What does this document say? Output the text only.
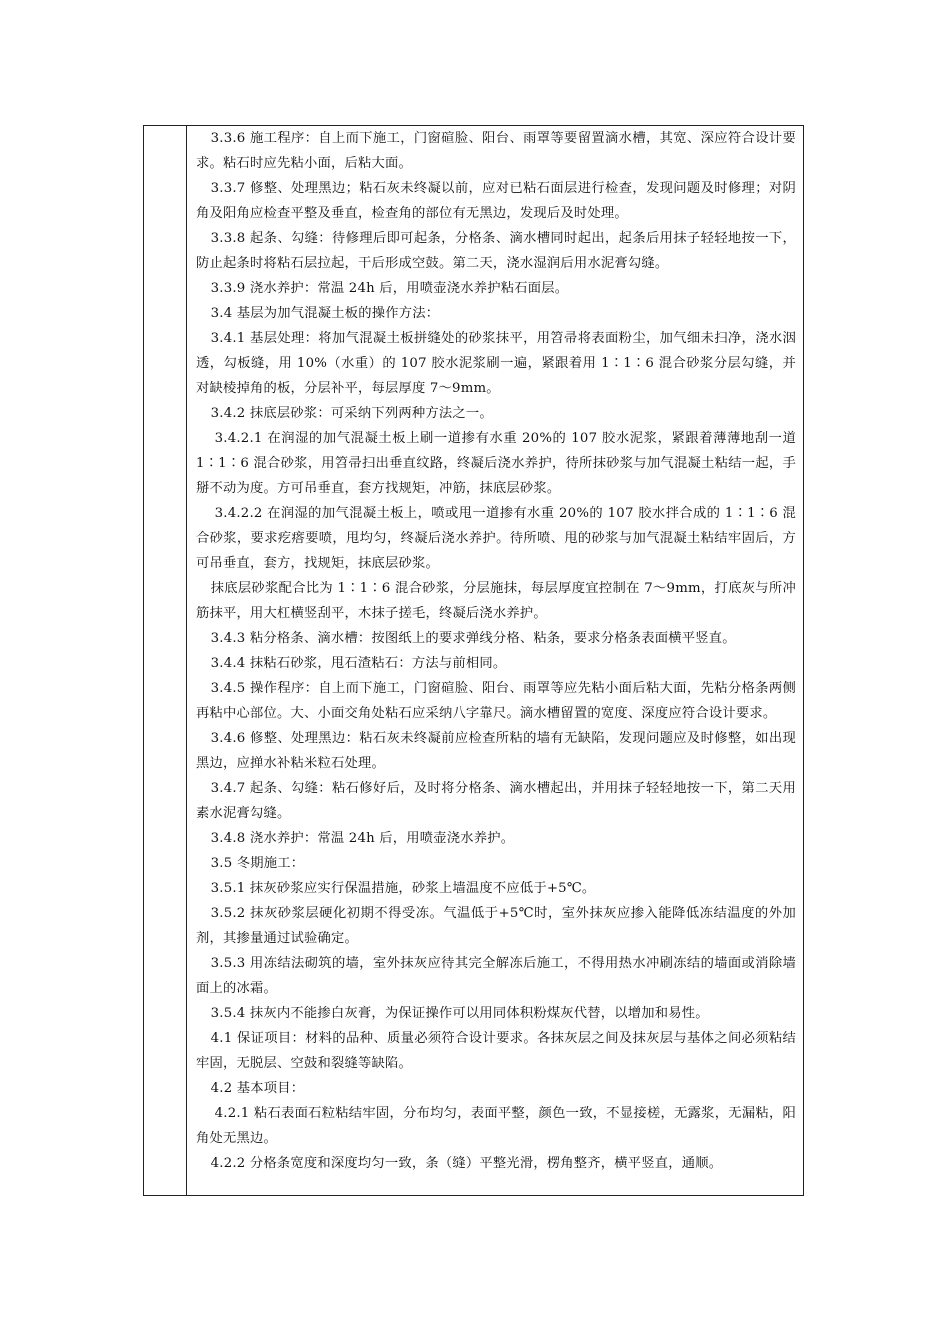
3.3.6 施工程序：自上而下施工，门窗碹脸、阳台、雨罩等要留置滴水槽，其宽、深应符合设计要求。粘石时应先粘小面，后粘大面。

3.3.7 修整、处理黑边；粘石灰未终凝以前，应对已粘石面层进行检查，发现问题及时修理；对阴角及阳角应检查平整及垂直，检查角的部位有无黑边，发现后及时处理。

3.3.8 起条、勾缝：待修理后即可起条，分格条、滴水槽同时起出，起条后用抹子轻轻地按一下，防止起条时将粘石层拉起，干后形成空鼓。第二天，浇水湿润后用水泥膏勾缝。

3.3.9 浇水养护：常温 24h 后，用喷壶浇水养护粘石面层。

3.4 基层为加气混凝土板的操作方法：

3.4.1 基层处理：将加气混凝土板拼缝处的砂浆抹平，用笤帚将表面粉尘，加气细未扫净，浇水洇透，勾板缝，用 10%（水重）的 107 胶水泥浆刷一遍，紧跟着用 1∶1∶6 混合砂浆分层勾缝，并对缺棱掉角的板，分层补平，每层厚度 7～9mm。

3.4.2 抹底层砂浆：可采纳下列两种方法之一。

3.4.2.1 在润湿的加气混凝土板上刷一道掺有水重 20%的 107 胶水泥浆，紧跟着薄薄地刮一道 1∶1∶6 混合砂浆，用笤帚扫出垂直纹路，终凝后浇水养护，待所抹砂浆与加气混凝土粘结一起，手掰不动为度。方可吊垂直，套方找规矩，冲筋，抹底层砂浆。

3.4.2.2 在润湿的加气混凝土板上，喷或甩一道掺有水重 20%的 107 胶水拌合成的 1∶1∶6 混合砂浆，要求疙瘩要喷，甩均匀，终凝后浇水养护。待所喷、甩的砂浆与加气混凝土粘结牢固后，方可吊垂直，套方，找规矩，抹底层砂浆。

抹底层砂浆配合比为 1∶1∶6 混合砂浆，分层施抹，每层厚度宜控制在 7～9mm，打底灰与所冲筋抹平，用大杠横竖刮平，木抹子搓毛，终凝后浇水养护。

3.4.3 粘分格条、滴水槽：按图纸上的要求弹线分格、粘条，要求分格条表面横平竖直。

3.4.4 抹粘石砂浆，甩石渣粘石：方法与前相同。

3.4.5 操作程序：自上而下施工，门窗碹脸、阳台、雨罩等应先粘小面后粘大面，先粘分格条两侧再粘中心部位。大、小面交角处粘石应采纳八字靠尺。滴水槽留置的宽度、深度应符合设计要求。

3.4.6 修整、处理黑边：粘石灰未终凝前应检查所粘的墙有无缺陷，发现问题应及时修整，如出现黑边，应掸水补粘米粒石处理。

3.4.7 起条、勾缝：粘石修好后，及时将分格条、滴水槽起出，并用抹子轻轻地按一下，第二天用素水泥膏勾缝。

3.4.8 浇水养护：常温 24h 后，用喷壶浇水养护。

3.5 冬期施工：

3.5.1 抹灰砂浆应实行保温措施，砂浆上墙温度不应低于+5℃。

3.5.2 抹灰砂浆层硬化初期不得受冻。气温低于+5℃时，室外抹灰应掺入能降低冻结温度的外加剂，其掺量通过试验确定。

3.5.3 用冻结法砌筑的墙，室外抹灰应待其完全解冻后施工，不得用热水冲刷冻结的墙面或消除墙面上的冰霜。

3.5.4 抹灰内不能掺白灰膏，为保证操作可以用同体积粉煤灰代替，以增加和易性。

4.1 保证项目：材料的品种、质量必须符合设计要求。各抹灰层之间及抹灰层与基体之间必须粘结牢固，无脱层、空鼓和裂缝等缺陷。

4.2 基本项目：

4.2.1 粘石表面石粒粘结牢固，分布均匀，表面平整，颜色一致，不显接槎，无露浆，无漏粘，阳角处无黑边。

4.2.2 分格条宽度和深度均匀一致，条（缝）平整光滑，楞角整齐，横平竖直，通顺。
